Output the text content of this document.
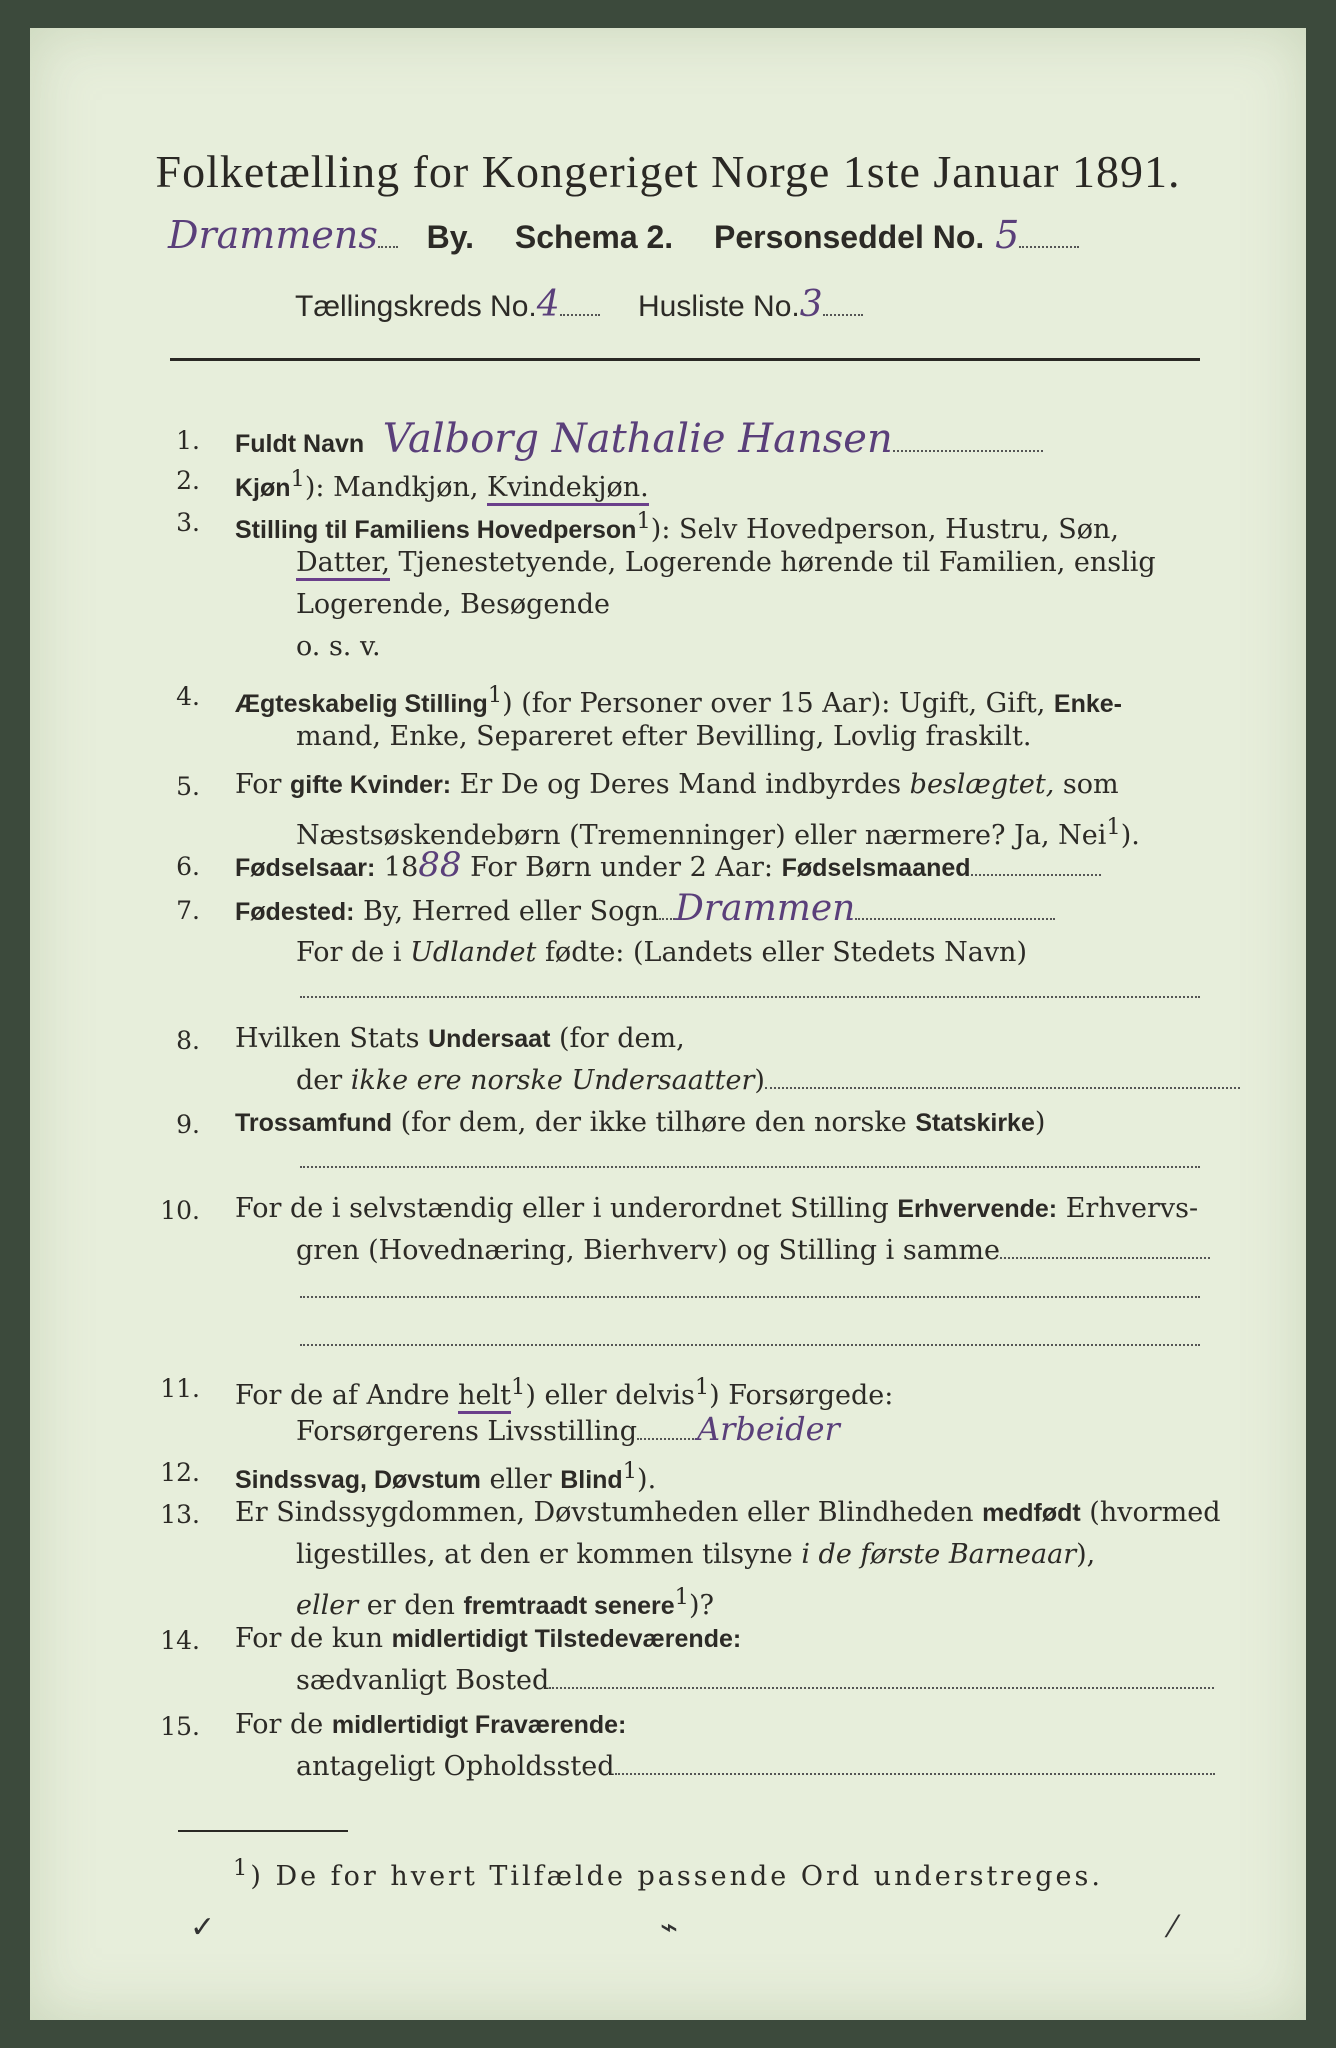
Folketælling for Kongeriget Norge 1ste Januar 1891.
Drammens By. Schema 2. Personseddel No. 5
Tællingskreds No.4	Husliste No.3
1. Fuldt Navn Valborg Nathalie Hansen
2. Kjøn$^1$): Mandkjøn, Kvindekjøn.
3. Stilling til Familiens Hovedperson$^1$): Selv Hovedperson, Hustru, Søn,
Datter, Tjenestetyende, Logerende hørende til Familien, enslig
Logerende, Besøgende
o. s. v.
4. Ægteskabelig Stilling$^1$) (for Personer over 15 Aar): Ugift, Gift, Enke-
mand, Enke, Separeret efter Bevilling, Lovlig fraskilt.
5. For gifte Kvinder: Er De og Deres Mand indbyrdes beslægtet, som
Næstsøskendebørn (Tremenninger) eller nærmere? Ja, Nei$^1$).
6. Fødselsaar: 1888 For Børn under 2 Aar: Fødselsmaaned
7. Fødested: By, Herred eller Sogn Drammen
For de i Udlandet fødte: (Landets eller Stedets Navn)
8. Hvilken Stats Undersaat (for dem,
der ikke ere norske Undersaatter)
9. Trossamfund (for dem, der ikke tilhøre den norske Statskirke)
10. For de i selvstændig eller i underordnet Stilling Erhvervende: Erhvervs-
gren (Hovednæring, Bierhverv) og Stilling i samme
11. For de af Andre helt$^1$) eller delvis$^1$) Forsørgede:
Forsørgerens Livsstilling Arbeider
12. Sindssvag, Døvstum eller Blind$^1$).
13. Er Sindssygdommen, Døvstumheden eller Blindheden medfødt (hvormed
ligestilles, at den er kommen tilsyne i de første Barneaar),
eller er den fremtraadt senere$^1$)?
14. For de kun midlertidigt Tilstedeværende:
sædvanligt Bosted
15. For de midlertidigt Fraværende:
antageligt Opholdssted
$^1$) De for hvert Tilfælde passende Ord understreges.
✓	⌁	⁄
